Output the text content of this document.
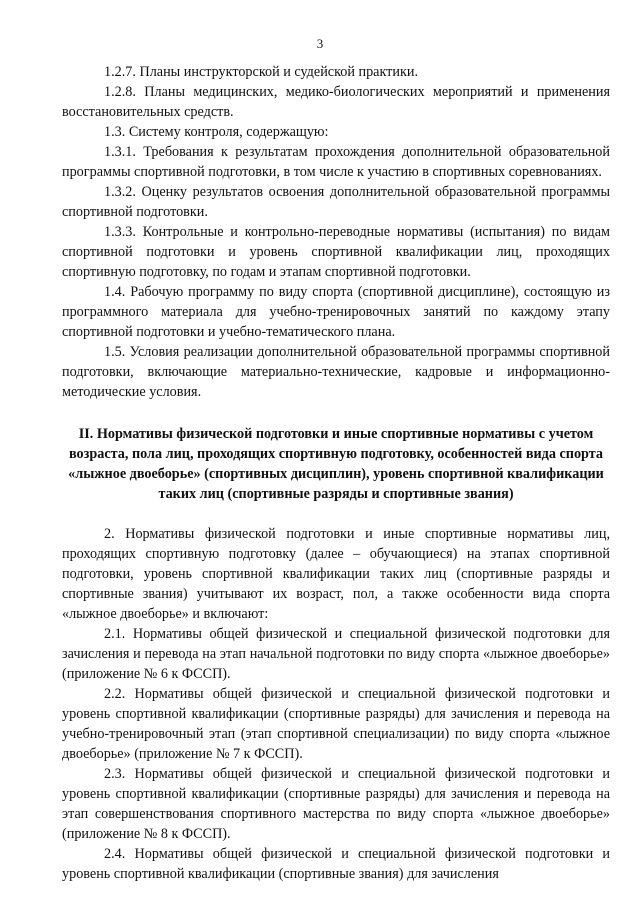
3

1.2.7. Планы инструкторской и судейской практики.

1.2.8. Планы медицинских, медико-биологических мероприятий и применения восстановительных средств.

1.3. Систему контроля, содержащую:

1.3.1. Требования к результатам прохождения дополнительной образовательной программы спортивной подготовки, в том числе к участию в спортивных соревнованиях.

1.3.2. Оценку результатов освоения дополнительной образовательной программы спортивной подготовки.

1.3.3. Контрольные и контрольно-переводные нормативы (испытания) по видам спортивной подготовки и уровень спортивной квалификации лиц, проходящих спортивную подготовку, по годам и этапам спортивной подготовки.

1.4. Рабочую программу по виду спорта (спортивной дисциплине), состоящую из программного материала для учебно-тренировочных занятий по каждому этапу спортивной подготовки и учебно-тематического плана.

1.5. Условия реализации дополнительной образовательной программы спортивной подготовки, включающие материально-технические, кадровые и информационно-методические условия.

II. Нормативы физической подготовки и иные спортивные нормативы с учетом возраста, пола лиц, проходящих спортивную подготовку, особенностей вида спорта «лыжное двоеборье» (спортивных дисциплин), уровень спортивной квалификации таких лиц (спортивные разряды и спортивные звания)

2. Нормативы физической подготовки и иные спортивные нормативы лиц, проходящих спортивную подготовку (далее – обучающиеся) на этапах спортивной подготовки, уровень спортивной квалификации таких лиц (спортивные разряды и спортивные звания) учитывают их возраст, пол, а также особенности вида спорта «лыжное двоеборье» и включают:

2.1. Нормативы общей физической и специальной физической подготовки для зачисления и перевода на этап начальной подготовки по виду спорта «лыжное двоеборье» (приложение № 6 к ФССП).

2.2. Нормативы общей физической и специальной физической подготовки и уровень спортивной квалификации (спортивные разряды) для зачисления и перевода на учебно-тренировочный этап (этап спортивной специализации) по виду спорта «лыжное двоеборье» (приложение № 7 к ФССП).

2.3. Нормативы общей физической и специальной физической подготовки и уровень спортивной квалификации (спортивные разряды) для зачисления и перевода на этап совершенствования спортивного мастерства по виду спорта «лыжное двоеборье» (приложение № 8 к ФССП).

2.4. Нормативы общей физической и специальной физической подготовки и уровень спортивной квалификации (спортивные звания) для зачисления
